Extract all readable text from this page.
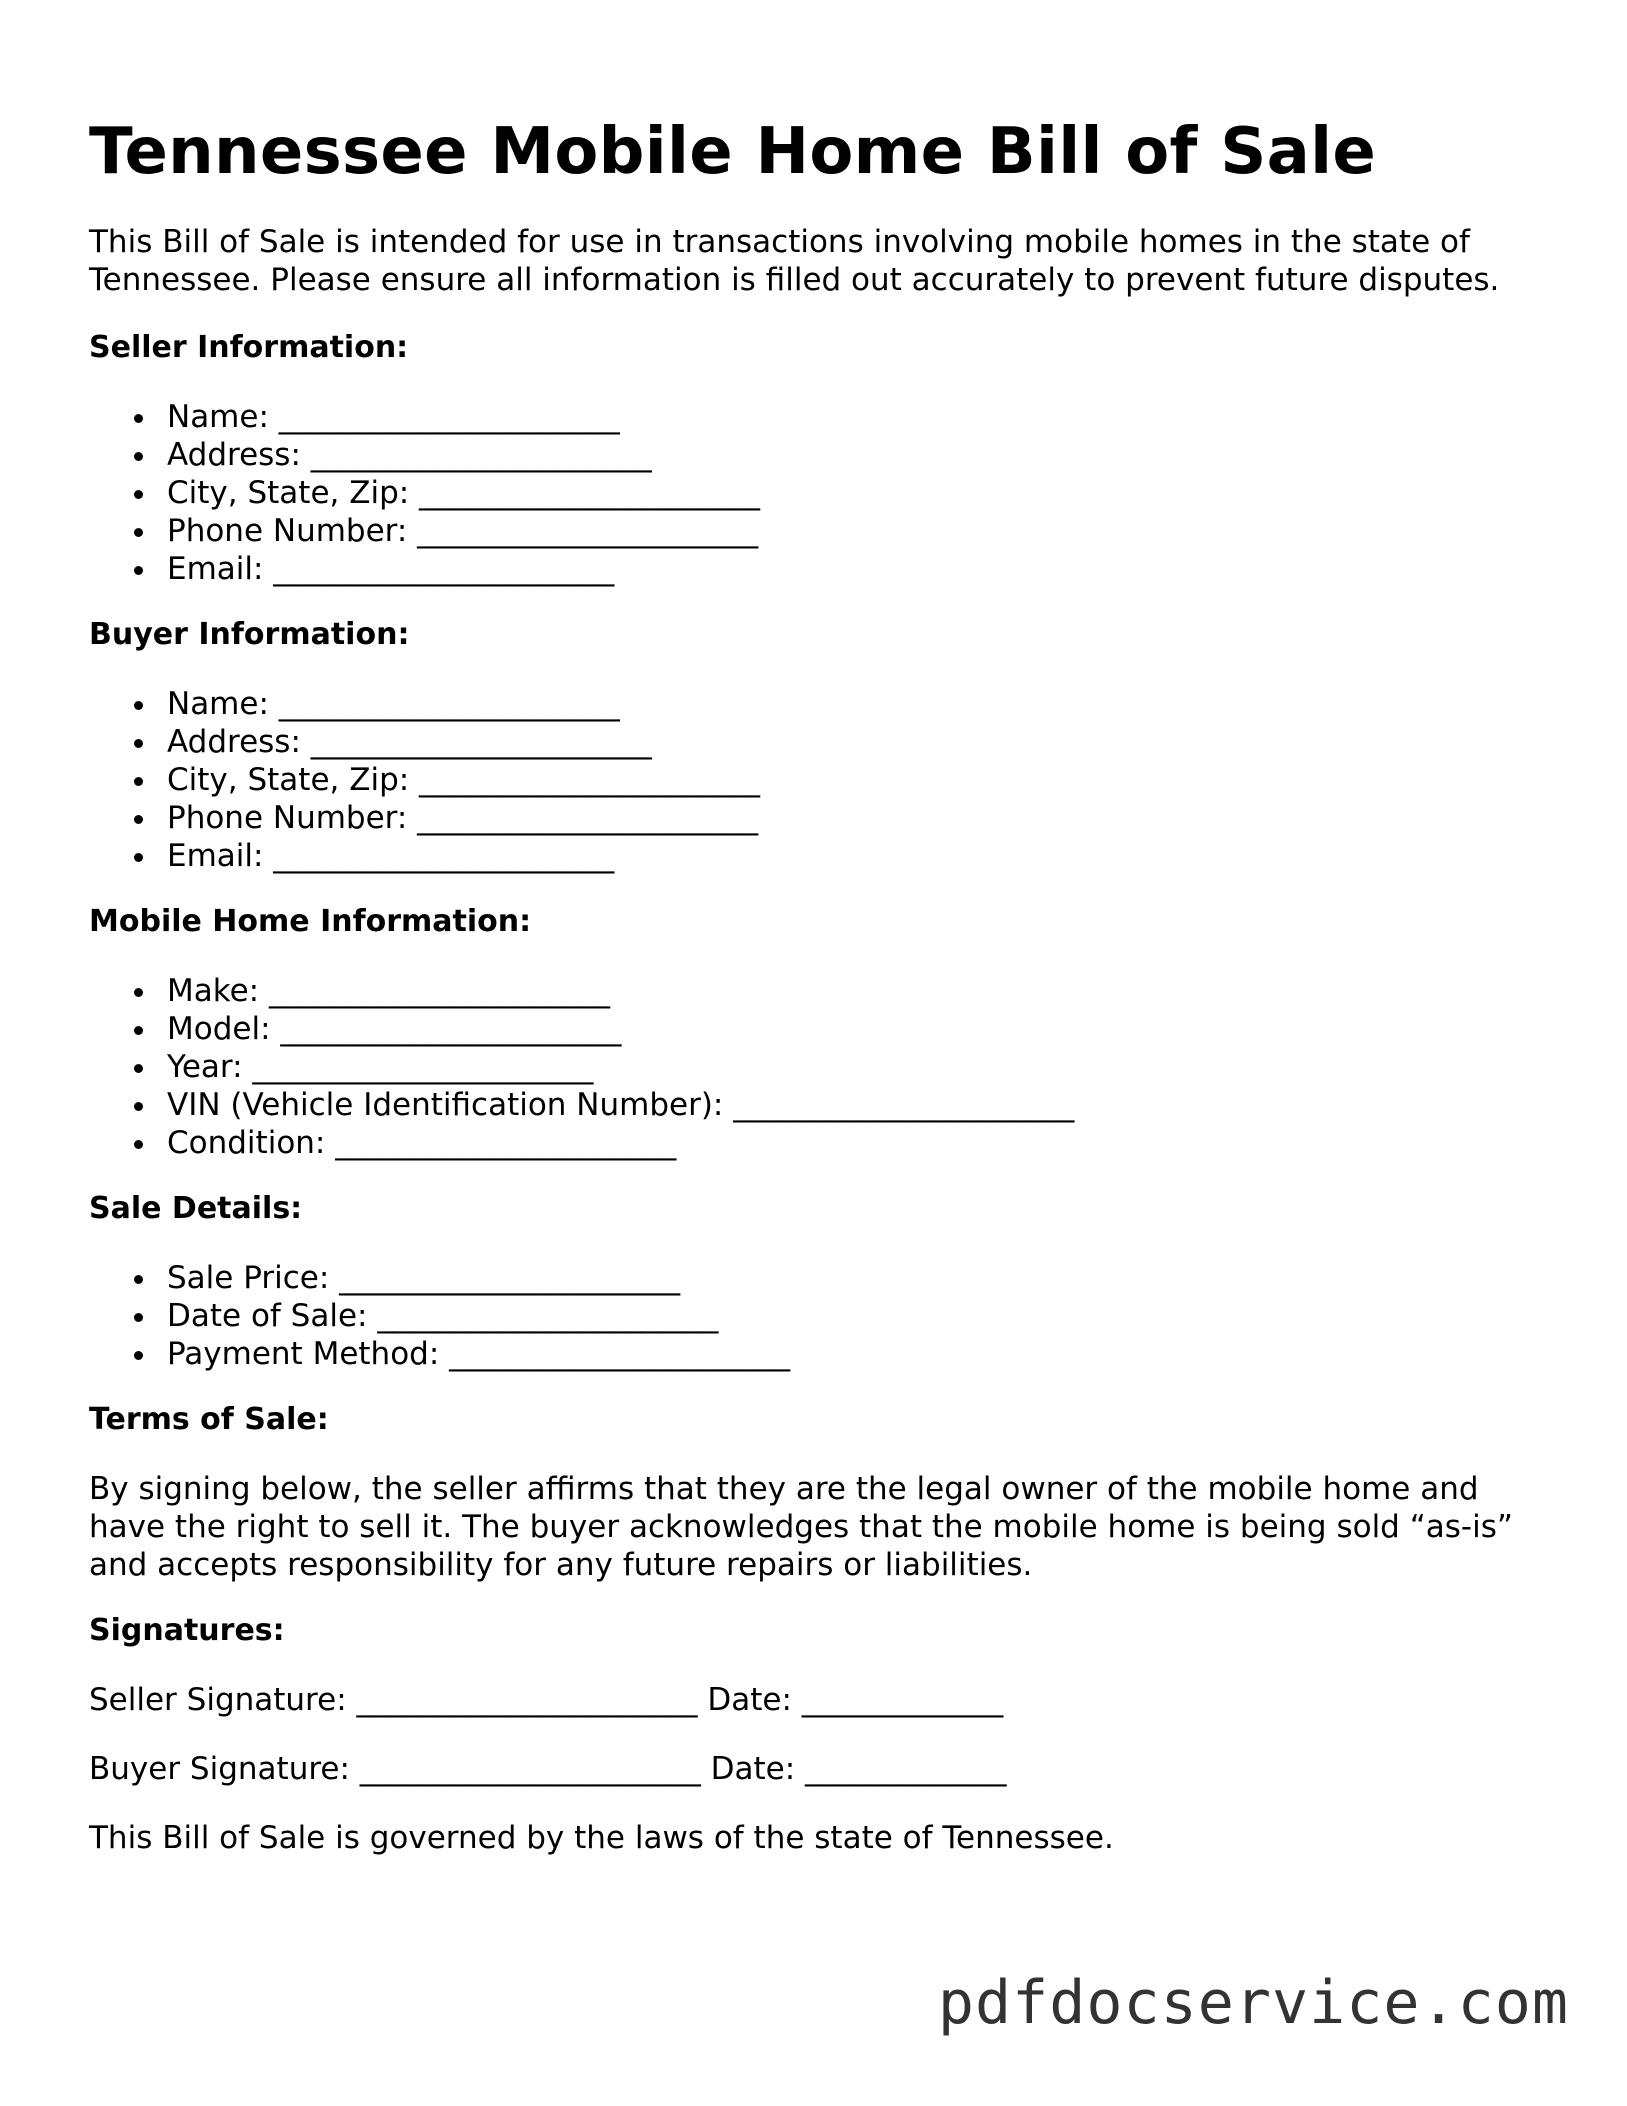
Tennessee Mobile Home Bill of Sale

This Bill of Sale is intended for use in transactions involving mobile homes in the state of Tennessee. Please ensure all information is filled out accurately to prevent future disputes.

Seller Information:
Name: ______________________
Address: ______________________
City, State, Zip: ______________________
Phone Number: ______________________
Email: ______________________
Buyer Information:
Name: ______________________
Address: ______________________
City, State, Zip: ______________________
Phone Number: ______________________
Email: ______________________
Mobile Home Information:
Make: ______________________
Model: ______________________
Year: ______________________
VIN (Vehicle Identification Number): ______________________
Condition: ______________________
Sale Details:
Sale Price: ______________________
Date of Sale: ______________________
Payment Method: ______________________
Terms of Sale:

By signing below, the seller affirms that they are the legal owner of the mobile home and have the right to sell it. The buyer acknowledges that the mobile home is being sold “as-is” and accepts responsibility for any future repairs or liabilities.

Signatures:

Seller Signature: ______________________ Date: _____________

Buyer Signature: ______________________ Date: _____________

This Bill of Sale is governed by the laws of the state of Tennessee.

pdfdocservice.com
